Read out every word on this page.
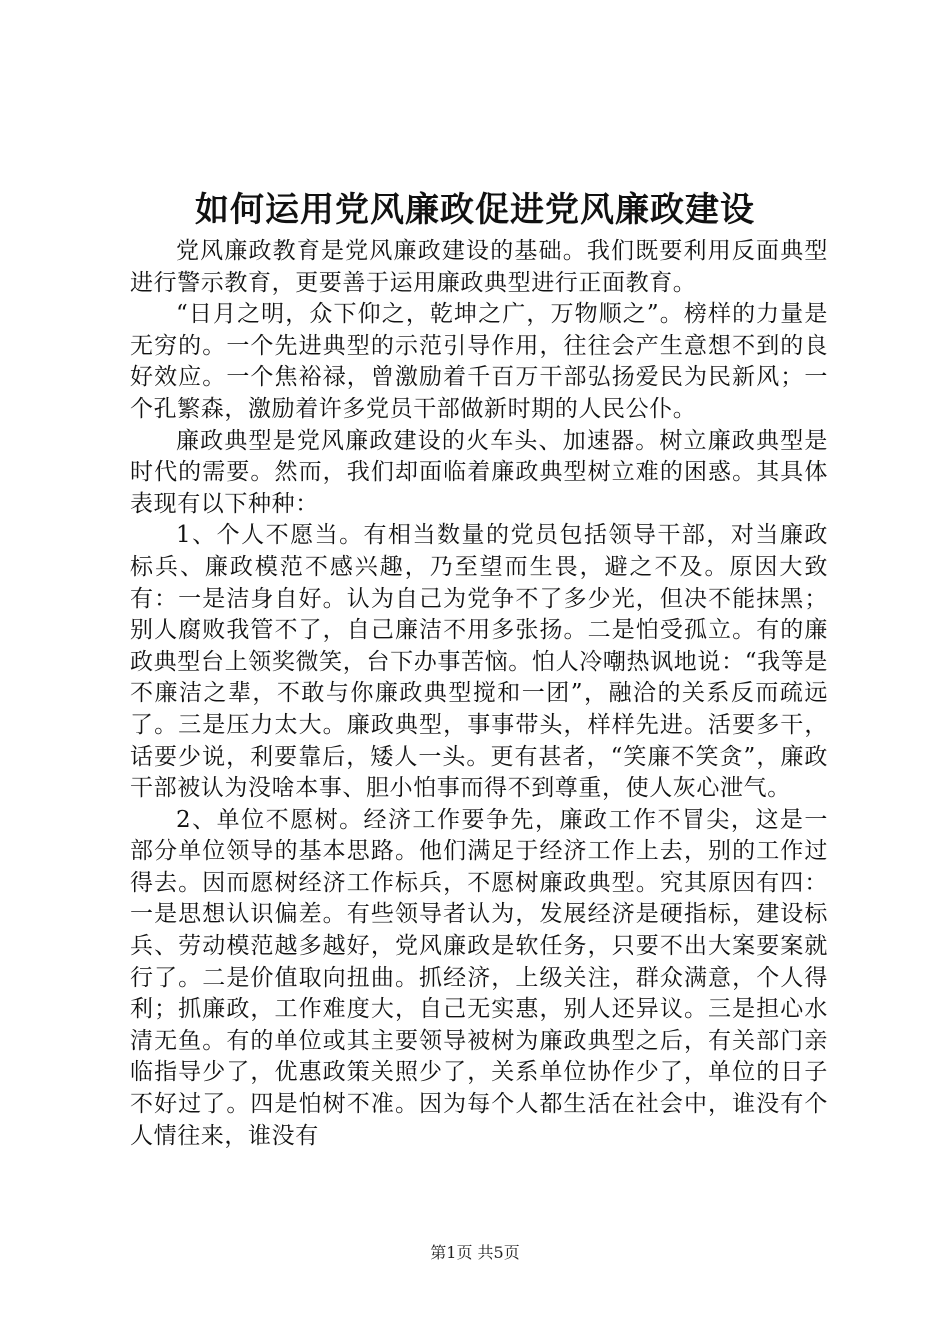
如何运用党风廉政促进党风廉政建设

党风廉政教育是党风廉政建设的基础。我们既要利用反面典型进行警示教育，更要善于运用廉政典型进行正面教育。

“日月之明，众下仰之，乾坤之广，万物顺之”。榜样的力量是无穷的。一个先进典型的示范引导作用，往往会产生意想不到的良好效应。一个焦裕禄，曾激励着千百万干部弘扬爱民为民新风；一个孔繁森，激励着许多党员干部做新时期的人民公仆。

廉政典型是党风廉政建设的火车头、加速器。树立廉政典型是时代的需要。然而，我们却面临着廉政典型树立难的困惑。其具体表现有以下种种：

1、个人不愿当。有相当数量的党员包括领导干部，对当廉政标兵、廉政模范不感兴趣，乃至望而生畏，避之不及。原因大致有：一是洁身自好。认为自己为党争不了多少光，但决不能抹黑；别人腐败我管不了，自己廉洁不用多张扬。二是怕受孤立。有的廉政典型台上领奖微笑，台下办事苦恼。怕人冷嘲热讽地说：“我等是不廉洁之辈，不敢与你廉政典型搅和一团”，融洽的关系反而疏远了。三是压力太大。廉政典型，事事带头，样样先进。活要多干，话要少说，利要靠后，矮人一头。更有甚者，“笑廉不笑贪”，廉政干部被认为没啥本事、胆小怕事而得不到尊重，使人灰心泄气。

2、单位不愿树。经济工作要争先，廉政工作不冒尖，这是一部分单位领导的基本思路。他们满足于经济工作上去，别的工作过得去。因而愿树经济工作标兵，不愿树廉政典型。究其原因有四：一是思想认识偏差。有些领导者认为，发展经济是硬指标，建设标兵、劳动模范越多越好，党风廉政是软任务，只要不出大案要案就行了。二是价值取向扭曲。抓经济，上级关注，群众满意，个人得利；抓廉政，工作难度大，自己无实惠，别人还异议。三是担心水清无鱼。有的单位或其主要领导被树为廉政典型之后，有关部门亲临指导少了，优惠政策关照少了，关系单位协作少了，单位的日子不好过了。四是怕树不准。因为每个人都生活在社会中，谁没有个人情往来，谁没有

第1页 共5页
